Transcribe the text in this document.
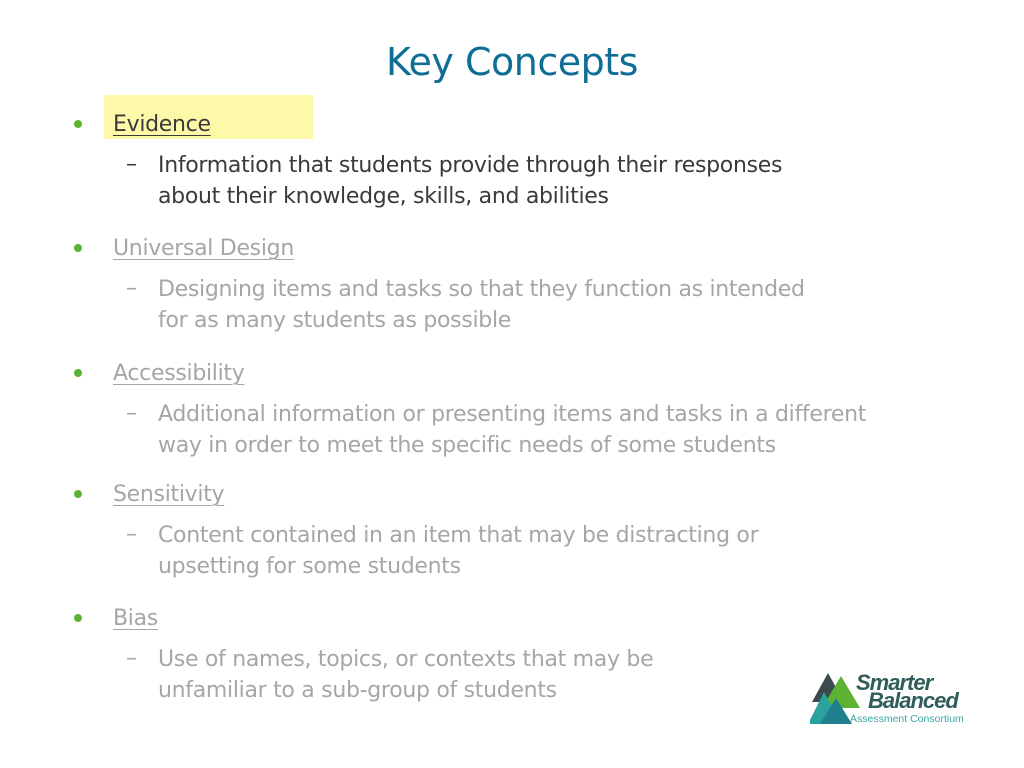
Key Concepts
Evidence
– Information that students provide through their responses
about their knowledge, skills, and abilities
Universal Design
– Designing items and tasks so that they function as intended
for as many students as possible
Accessibility
– Additional information or presenting items and tasks in a different
way in order to meet the specific needs of some students
Sensitivity
– Content contained in an item that may be distracting or
upsetting for some students
Bias
– Use of names, topics, or contexts that may be
unfamiliar to a sub-group of students	Smarter
Balanced
Assessment Consortium
